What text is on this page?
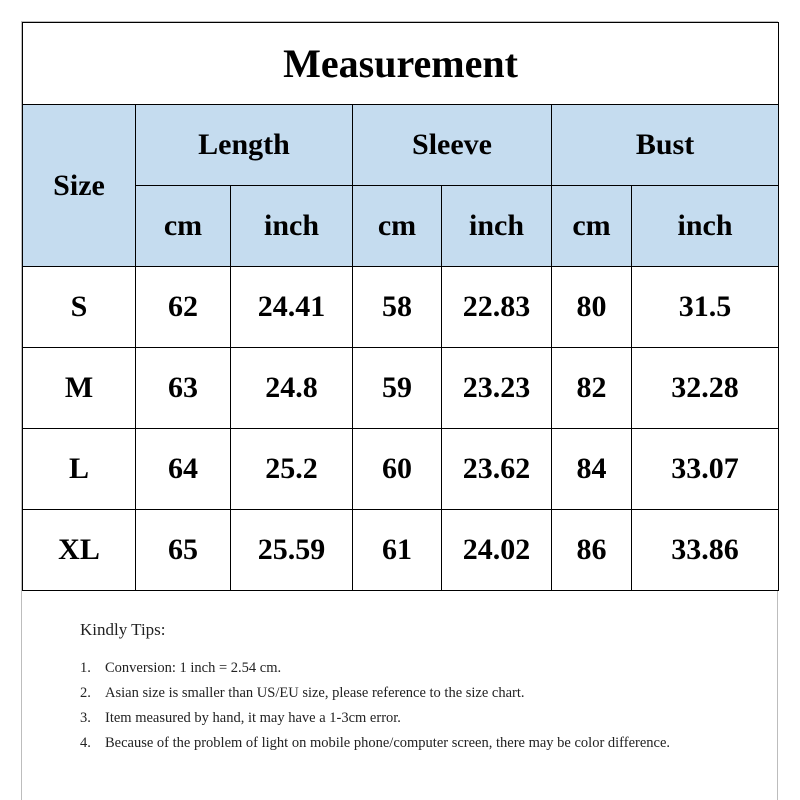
Measurement						
Size	Length		Sleeve		Bust	
	cm	inch	cm	inch	cm	inch
S	62	24.41	58	22.83	80	31.5
M	63	24.8	59	23.23	82	32.28
L	64	25.2	60	23.62	84	33.07
XL	65	25.59	61	24.02	86	33.86
Kindly Tips:
1. Conversion: 1 inch = 2.54 cm.
2. Asian size is smaller than US/EU size, please reference to the size chart.
3. Item measured by hand, it may have a 1-3cm error.
4. Because of the problem of light on mobile phone/computer screen, there may be color difference.
